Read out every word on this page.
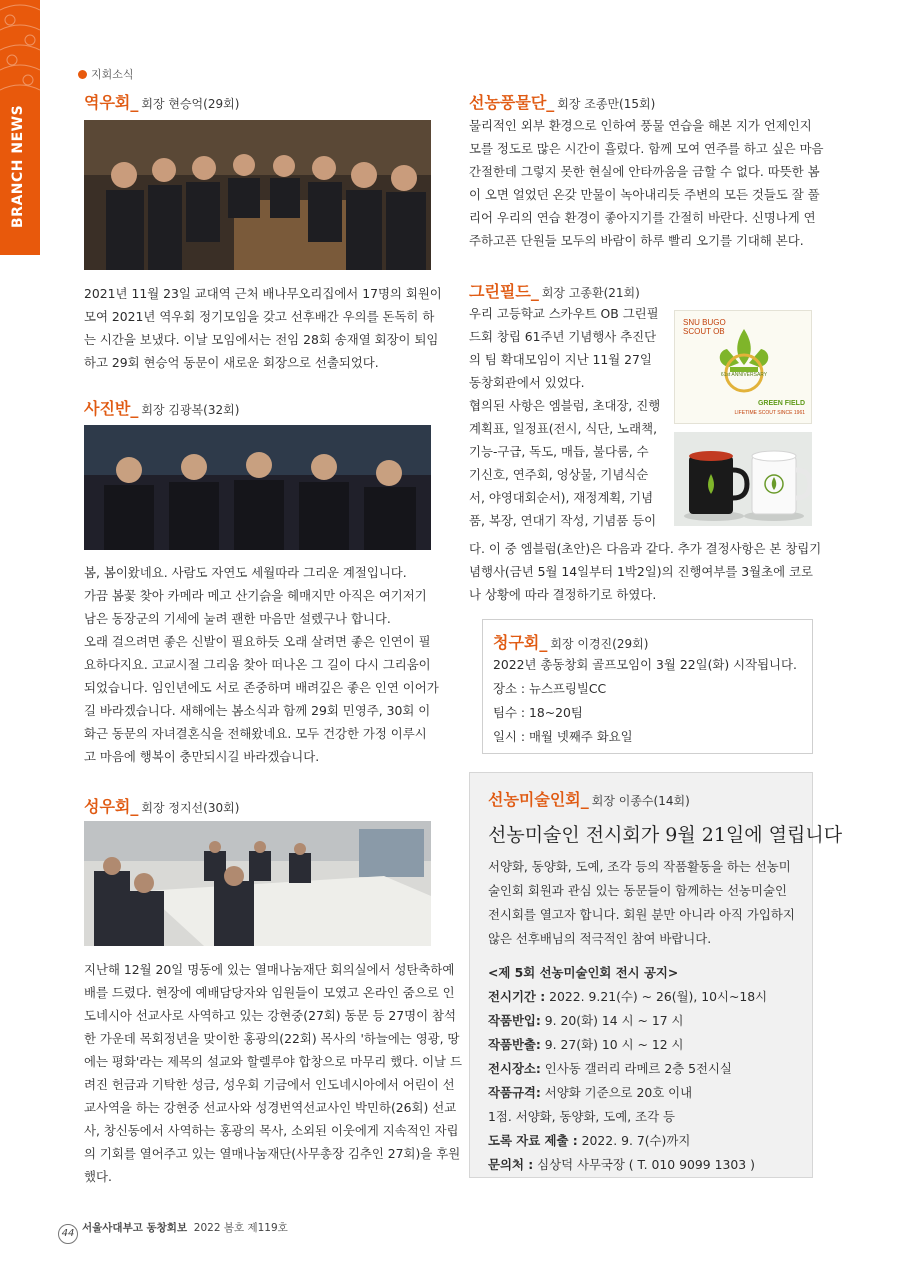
BRANCH NEWS
지회소식
역우회_ 회장 현승억(29회)

2021년 11월 23일 교대역 근처 배나무오리집에서 17명의 회원이

모여 2021년 역우회 정기모임을 갖고 선후배간 우의를 돈독히 하

는 시간을 보냈다. 이날 모임에서는 전임 28회 송재열 회장이 퇴임

하고 29회 현승억 동문이 새로운 회장으로 선출되었다.

사진반_ 회장 김광복(32회)

봄, 봄이왔네요. 사람도 자연도 세월따라 그리운 계절입니다.

가끔 봄꽃 찾아 카메라 메고 산기슭을 헤매지만 아직은 여기저기

남은 동장군의 기세에 눌려 괜한 마음만 설렜구나 합니다.

오래 걸으려면 좋은 신발이 필요하듯 오래 살려면 좋은 인연이 필

요하다지요. 고교시절 그리움 찾아 떠나온 그 길이 다시 그리움이

되었습니다. 임인년에도 서로 존중하며 배려깊은 좋은 인연 이어가

길 바라겠습니다. 새해에는 봄소식과 함께 29회 민영주, 30회 이

화근 동문의 자녀결혼식을 전해왔네요. 모두 건강한 가정 이루시

고 마음에 행복이 충만되시길 바라겠습니다.

성우회_ 회장 정지선(30회)

지난해 12월 20일 명동에 있는 열매나눔재단 회의실에서 성탄축하예

배를 드렸다. 현장에 예배담당자와 임원들이 모였고 온라인 줌으로 인

도네시아 선교사로 사역하고 있는 강현중(27회) 동문 등 27명이 참석

한 가운데 목회정년을 맞이한 홍광의(22회) 목사의 '하늘에는 영광, 땅

에는 평화'라는 제목의 설교와 할렐루야 합창으로 마무리 했다. 이날 드

려진 헌금과 기탁한 성금, 성우회 기금에서 인도네시아에서 어린이 선

교사역을 하는 강현중 선교사와 성경번역선교사인 박민하(26회) 선교

사, 창신동에서 사역하는 홍광의 목사, 소외된 이웃에게 지속적인 자립

의 기회를 열어주고 있는 열매나눔재단(사무총장 김추인 27회)을 후원

했다.

선농풍물단_ 회장 조종만(15회)

물리적인 외부 환경으로 인하여 풍물 연습을 해본 지가 언제인지

모를 정도로 많은 시간이 흘렀다. 함께 모여 연주를 하고 싶은 마음

간절한데 그렇지 못한 현실에 안타까움을 금할 수 없다. 따뜻한 봄

이 오면 얼었던 온갖 만물이 녹아내리듯 주변의 모든 것들도 잘 풀

리어 우리의 연습 환경이 좋아지기를 간절히 바란다. 신명나게 연

주하고픈 단원들 모두의 바람이 하루 빨리 오기를 기대해 본다.

그린필드_ 회장 고종환(21회)

우리 고등학교 스카우트 OB 그린필

드회 창립 61주년 기념행사 추진단

의 팀 확대모임이 지난 11월 27일

동창회관에서 있었다.

협의된 사항은 엠블럼, 초대장, 진행

계획표, 일정표(전시, 식단, 노래책,

기능-구급, 독도, 매듭, 불다룸, 수

기신호, 연주회, 엉상물, 기념식순

서, 야영대회순서), 재정계획, 기념

품, 복장, 연대기 작성, 기념품 등이

SNU BUGO
SCOUT OB
61st ANNIVERSARY
GREEN FIELD
LIFETIME SCOUT SINCE 1961

다. 이 중 엠블럼(초안)은 다음과 같다. 추가 결정사항은 본 창립기

념행사(금년 5월 14일부터 1박2일)의 진행여부를 3월초에 코로

나 상황에 따라 결정하기로 하였다.

청구회_ 회장 이경진(29회)
2022년 총동창회 골프모임이 3월 22일(화) 시작됩니다.
장소 : 뉴스프링빌CC
팀수 : 18~20팀
일시 : 매월 넷째주 화요일
선농미술인회_ 회장 이종수(14회)
선농미술인 전시회가 9월 21일에 열립니다
서양화, 동양화, 도예, 조각 등의 작품활동을 하는 선농미
술인회 회원과 관심 있는 동문들이 함께하는 선농미술인
전시회를 열고자 합니다. 회원 분만 아니라 아직 가입하지
않은 선후배님의 적극적인 참여 바랍니다.
<제 5회 선농미술인회 전시 공지>
전시기간 : 2022. 9.21(수) ~ 26(월), 10시~18시
작품반입: 9. 20(화) 14 시 ~ 17 시
작품반출: 9. 27(화) 10 시 ~ 12 시
전시장소: 인사동 갤러리 라메르 2층 5전시실
작품규격: 서양화 기준으로 20호 이내
1점. 서양화, 동양화, 도예, 조각 등
도록 자료 제출 : 2022. 9. 7(수)까지
문의처 : 심상덕 사무국장 ( T. 010 9099 1303 )
44 서울사대부고 동창회보 2022 봄호 제119호
